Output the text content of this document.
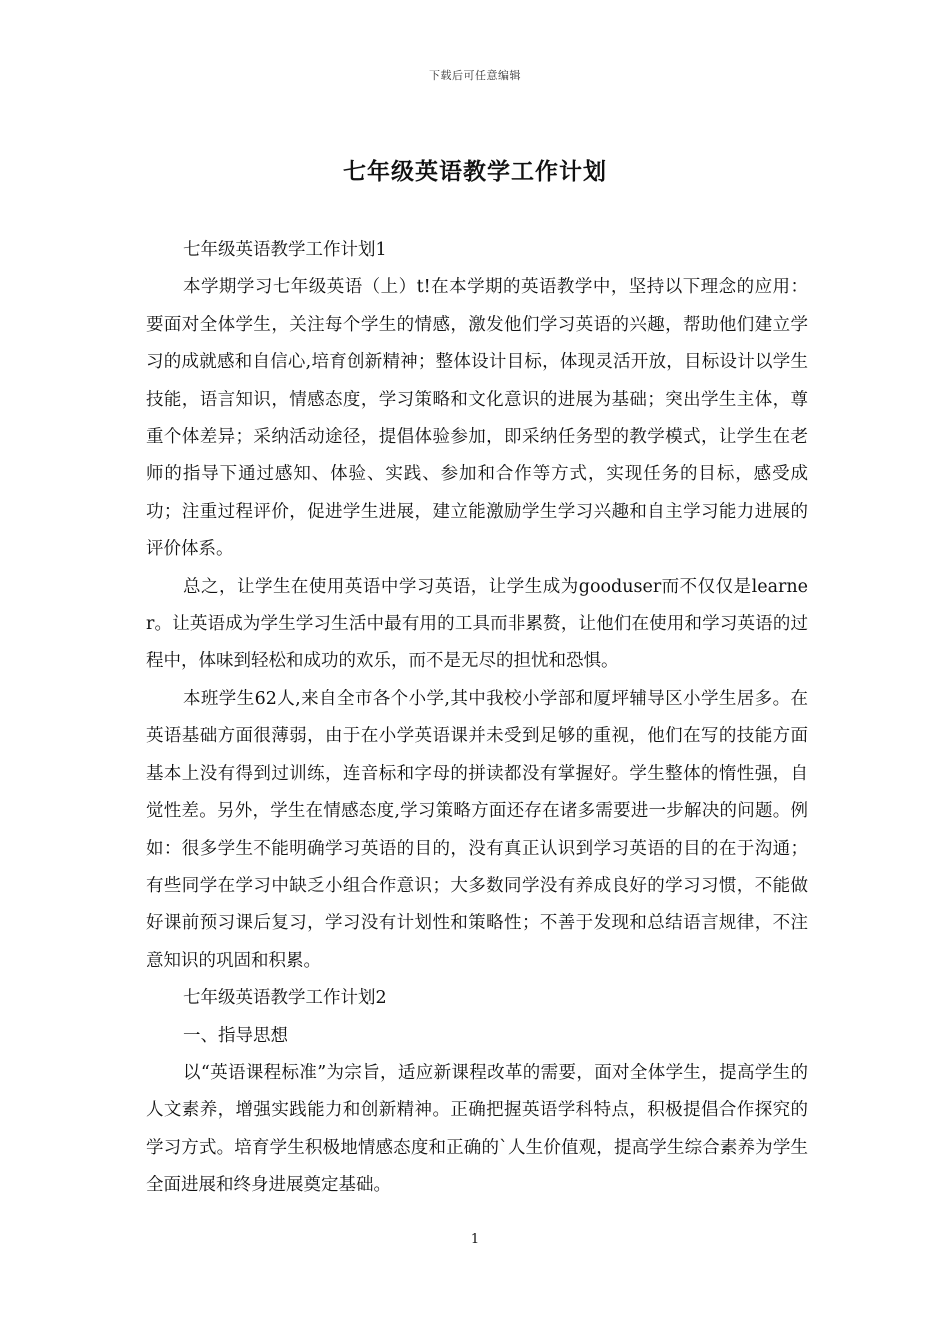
下载后可任意编辑
七年级英语教学工作计划

七年级英语教学工作计划1

本学期学习七年级英语（上）t!在本学期的英语教学中，坚持以下理念的应用：要面对全体学生，关注每个学生的情感，激发他们学习英语的兴趣，帮助他们建立学习的成就感和自信心,培育创新精神；整体设计目标，体现灵活开放，目标设计以学生技能，语言知识，情感态度，学习策略和文化意识的进展为基础；突出学生主体，尊重个体差异；采纳活动途径，提倡体验参加，即采纳任务型的教学模式，让学生在老师的指导下通过感知、体验、实践、参加和合作等方式，实现任务的目标，感受成功；注重过程评价，促进学生进展，建立能激励学生学习兴趣和自主学习能力进展的评价体系。

总之，让学生在使用英语中学习英语，让学生成为gooduser而不仅仅是learner。让英语成为学生学习生活中最有用的工具而非累赘，让他们在使用和学习英语的过程中，体味到轻松和成功的欢乐，而不是无尽的担忧和恐惧。

本班学生62人,来自全市各个小学,其中我校小学部和厦坪辅导区小学生居多。在英语基础方面很薄弱，由于在小学英语课并未受到足够的重视，他们在写的技能方面基本上没有得到过训练，连音标和字母的拼读都没有掌握好。学生整体的惰性强，自觉性差。另外，学生在情感态度,学习策略方面还存在诸多需要进一步解决的问题。例如：很多学生不能明确学习英语的目的，没有真正认识到学习英语的目的在于沟通；有些同学在学习中缺乏小组合作意识；大多数同学没有养成良好的学习习惯，不能做好课前预习课后复习，学习没有计划性和策略性；不善于发现和总结语言规律，不注意知识的巩固和积累。

七年级英语教学工作计划2

一、指导思想

以“英语课程标准”为宗旨，适应新课程改革的需要，面对全体学生，提高学生的人文素养，增强实践能力和创新精神。正确把握英语学科特点，积极提倡合作探究的学习方式。培育学生积极地情感态度和正确的`人生价值观，提高学生综合素养为学生全面进展和终身进展奠定基础。

1
